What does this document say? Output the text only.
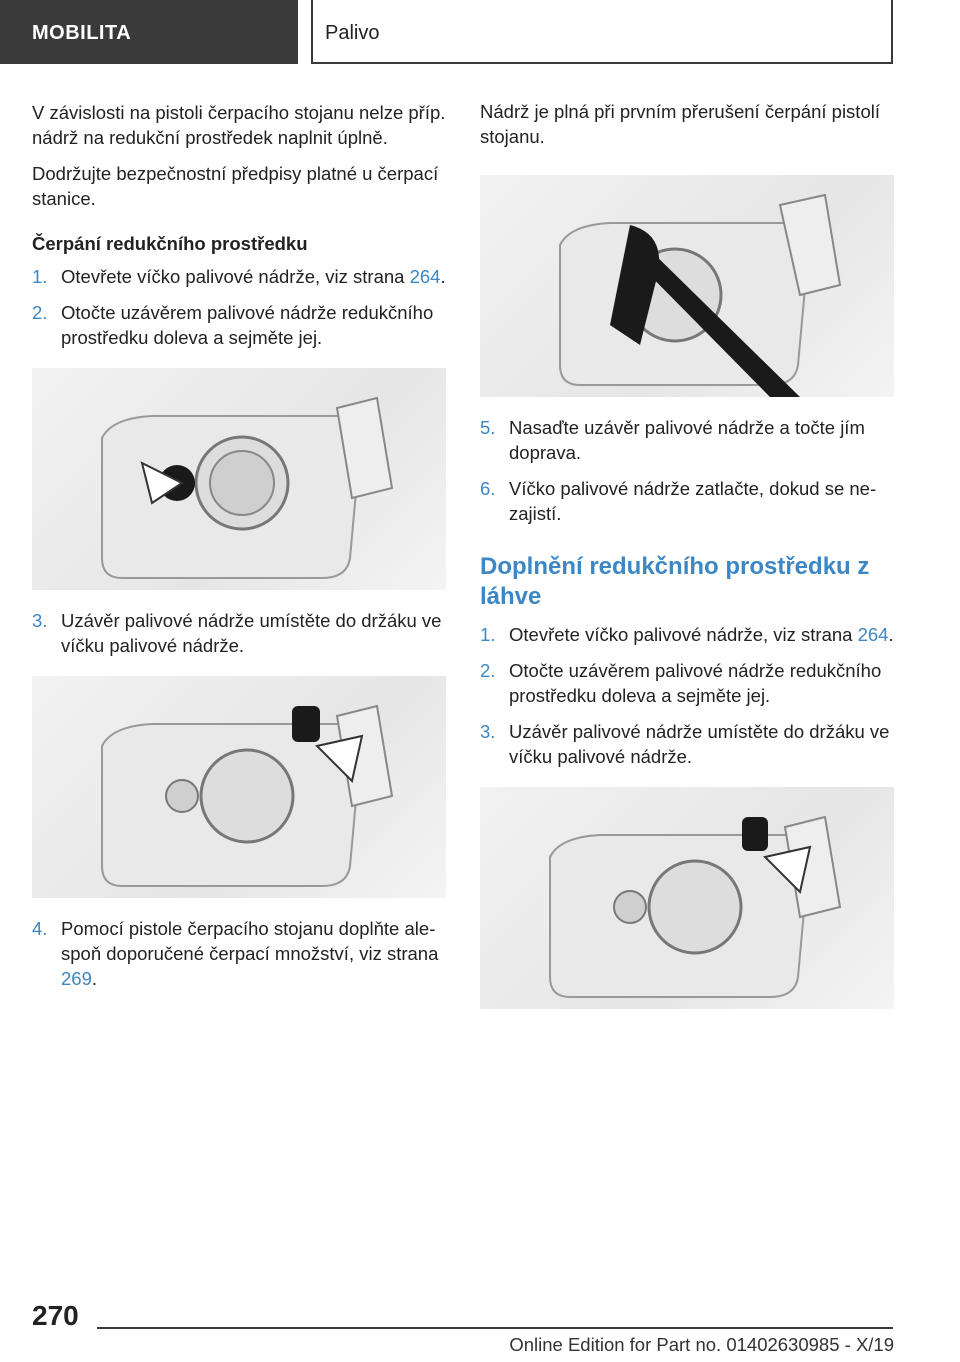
MOBILITA	Palivo

V závislosti na pistoli čerpacího stojanu nelze příp. nádrž na redukční prostředek naplnit úplně.

Dodržujte bezpečnostní předpisy platné u čerpací stanice.

Čerpání redukčního prostředku
1. Otevřete víčko palivové nádrže, viz strana 264.
2. Otočte uzávěrem palivové nádrže redukčního prostředku doleva a sejměte jej.
3. Uzávěr palivové nádrže umístěte do držáku ve víčku palivové nádrže.
4. Pomocí pistole čerpacího stojanu doplňte alespoň doporučené čerpací množství, viz strana 269.

Nádrž je plná při prvním přerušení čerpání pistolí stojanu.

5. Nasaďte uzávěr palivové nádrže a točte jím doprava.
6. Víčko palivové nádrže zatlačte, dokud se nezajistí.
Doplnění redukčního prostředku z láhve
1. Otevřete víčko palivové nádrže, viz strana 264.
2. Otočte uzávěrem palivové nádrže redukčního prostředku doleva a sejměte jej.
3. Uzávěr palivové nádrže umístěte do držáku ve víčku palivové nádrže.
270
Online Edition for Part no. 01402630985 - X/19
